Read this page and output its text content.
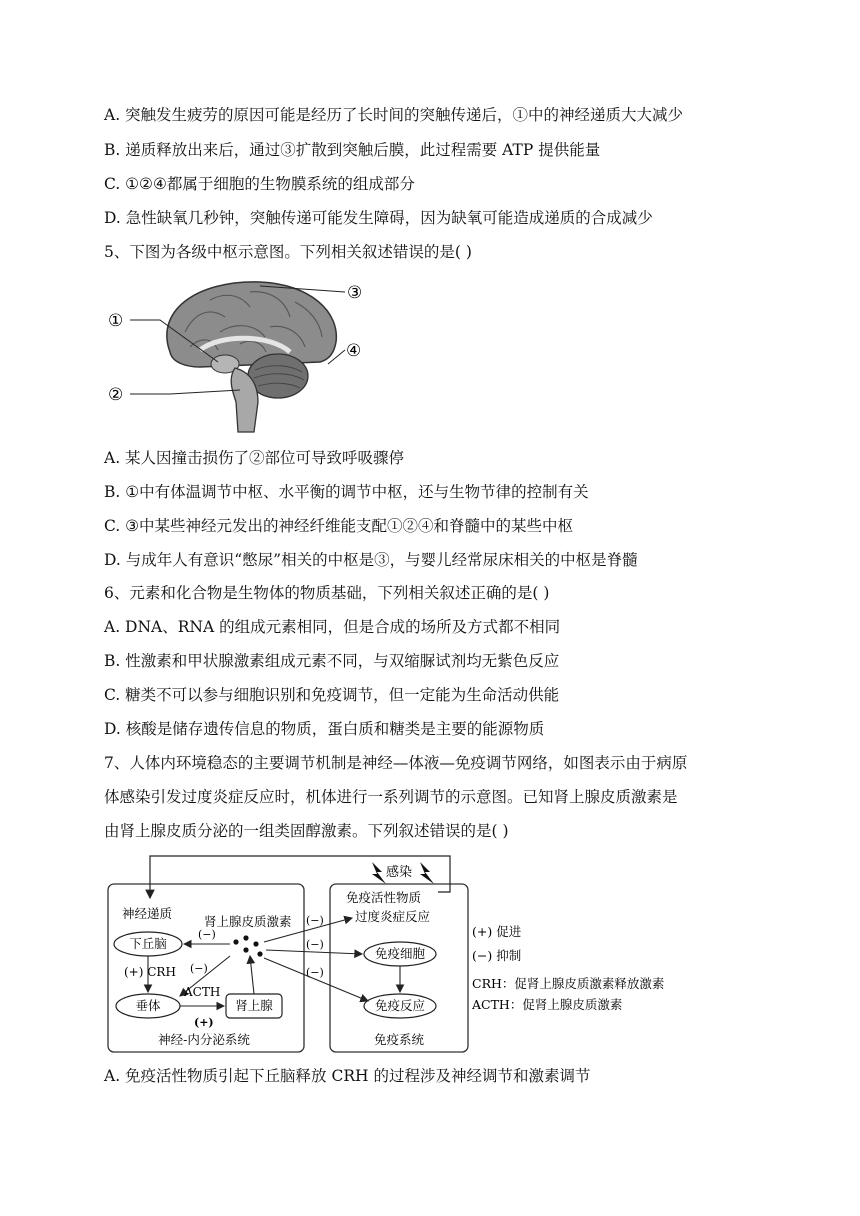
A. 突触发生疲劳的原因可能是经历了长时间的突触传递后，①中的神经递质大大减少
B. 递质释放出来后，通过③扩散到突触后膜，此过程需要 ATP 提供能量
C. ①②④都属于细胞的生物膜系统的组成部分
D. 急性缺氧几秒钟，突触传递可能发生障碍，因为缺氧可能造成递质的合成减少
5、下图为各级中枢示意图。下列相关叙述错误的是( )
①
②
③
④
A. 某人因撞击损伤了②部位可导致呼吸骤停
B. ①中有体温调节中枢、水平衡的调节中枢，还与生物节律的控制有关
C. ③中某些神经元发出的神经纤维能支配①②④和脊髓中的某些中枢
D. 与成年人有意识“憋尿”相关的中枢是③，与婴儿经常尿床相关的中枢是脊髓
6、元素和化合物是生物体的物质基础，下列相关叙述正确的是( )
A. DNA、RNA 的组成元素相同，但是合成的场所及方式都不相同
B. 性激素和甲状腺激素组成元素不同，与双缩脲试剂均无紫色反应
C. 糖类不可以参与细胞识别和免疫调节，但一定能为生命活动供能
D. 核酸是储存遗传信息的物质，蛋白质和糖类是主要的能源物质
7、人体内环境稳态的主要调节机制是神经—体液—免疫调节网络，如图表示由于病原
体感染引发过度炎症反应时，机体进行一系列调节的示意图。已知肾上腺皮质激素是
由肾上腺皮质分泌的一组类固醇激素。下列叙述错误的是( )
感染
免疫活性物质
过度炎症反应
免疫细胞
免疫反应
免疫系统
神经递质
肾上腺皮质激素
下丘脑
(−)
(+) CRH (−)
垂体
ACTH
(+)
肾上腺
神经-内分泌系统
(−)
(−)
(−)
(+) 促进
(−) 抑制
CRH：促肾上腺皮质激素释放激素
ACTH：促肾上腺皮质激素
A. 免疫活性物质引起下丘脑释放 CRH 的过程涉及神经调节和激素调节
